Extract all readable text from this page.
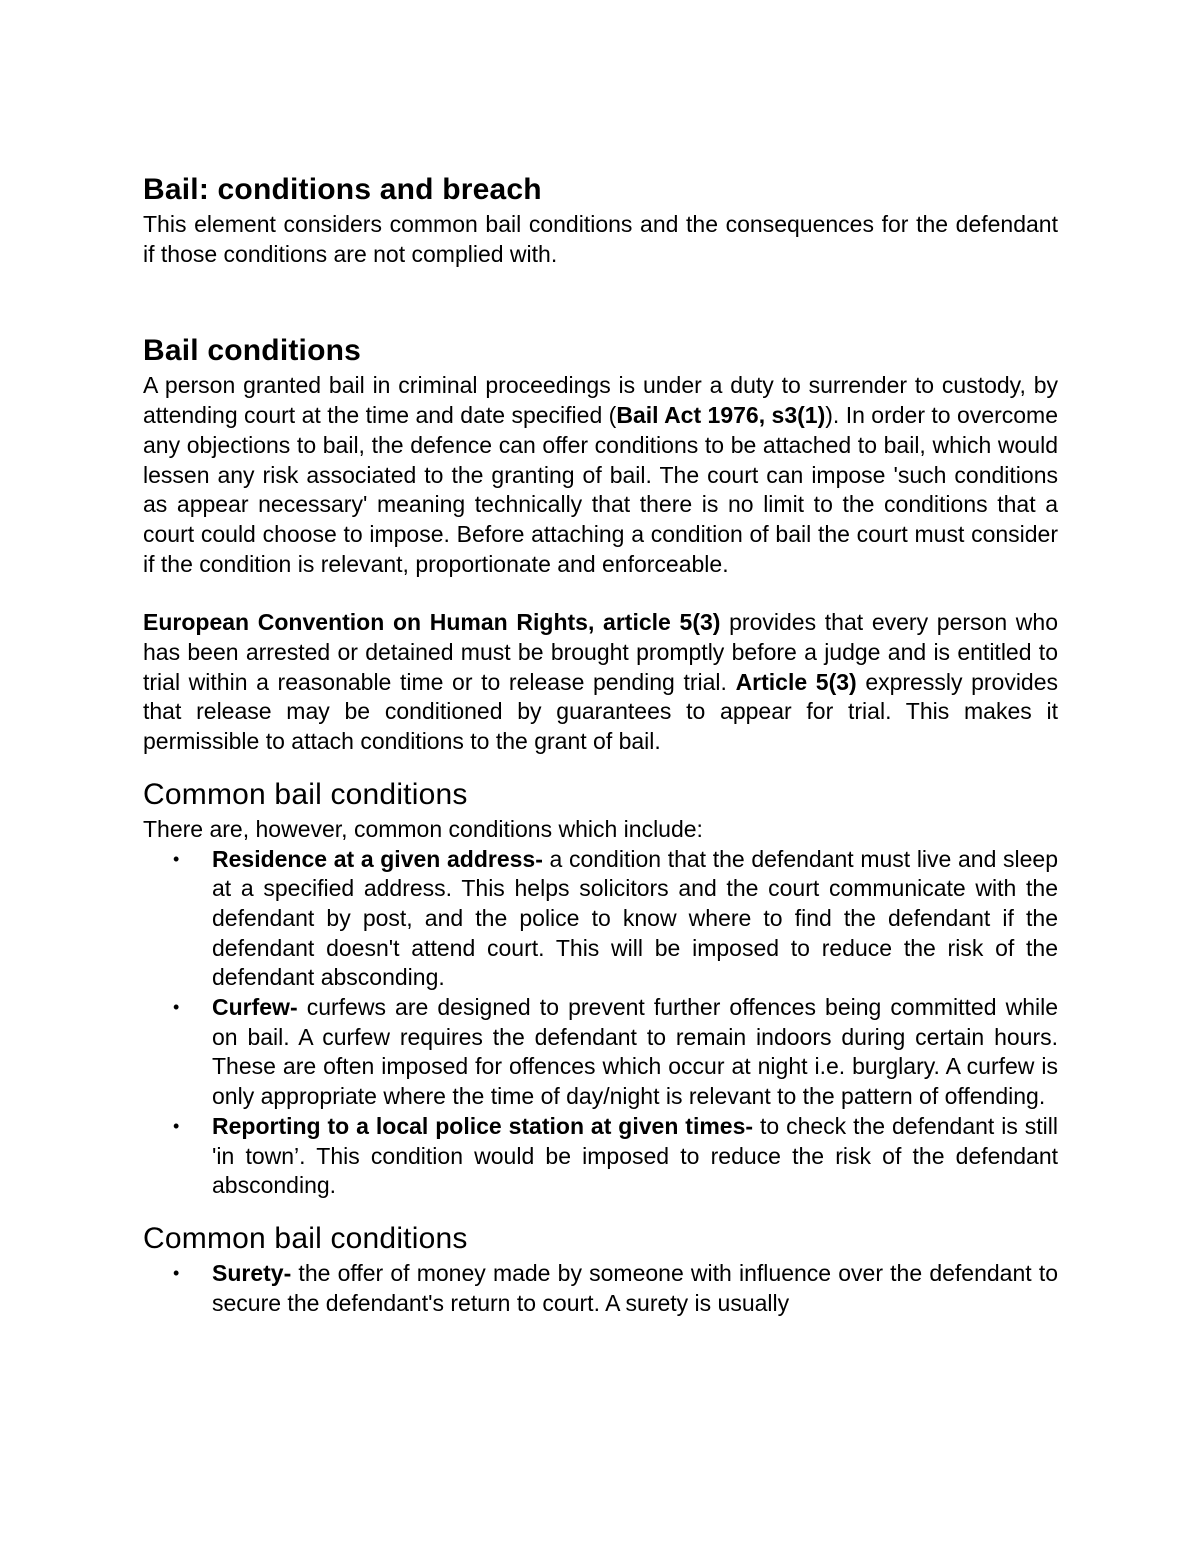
Bail: conditions and breach

This element considers common bail conditions and the consequences for the defendant if those conditions are not complied with.

Bail conditions

A person granted bail in criminal proceedings is under a duty to surrender to custody, by attending court at the time and date specified (Bail Act 1976, s3(1)). In order to overcome any objections to bail, the defence can offer conditions to be attached to bail, which would lessen any risk associated to the granting of bail. The court can impose 'such conditions as appear necessary' meaning technically that there is no limit to the conditions that a court could choose to impose. Before attaching a condition of bail the court must consider if the condition is relevant, proportionate and enforceable.

European Convention on Human Rights, article 5(3) provides that every person who has been arrested or detained must be brought promptly before a judge and is entitled to trial within a reasonable time or to release pending trial. Article 5(3) expressly provides that release may be conditioned by guarantees to appear for trial. This makes it permissible to attach conditions to the grant of bail.

Common bail conditions

There are, however, common conditions which include:

• Residence at a given address- a condition that the defendant must live and sleep at a specified address. This helps solicitors and the court communicate with the defendant by post, and the police to know where to find the defendant if the defendant doesn't attend court. This will be imposed to reduce the risk of the defendant absconding.
• Curfew- curfews are designed to prevent further offences being committed while on bail. A curfew requires the defendant to remain indoors during certain hours. These are often imposed for offences which occur at night i.e. burglary. A curfew is only appropriate where the time of day/night is relevant to the pattern of offending.
• Reporting to a local police station at given times- to check the defendant is still 'in town’. This condition would be imposed to reduce the risk of the defendant absconding.
Common bail conditions
• Surety- the offer of money made by someone with influence over the defendant to secure the defendant's return to court. A surety is usually
